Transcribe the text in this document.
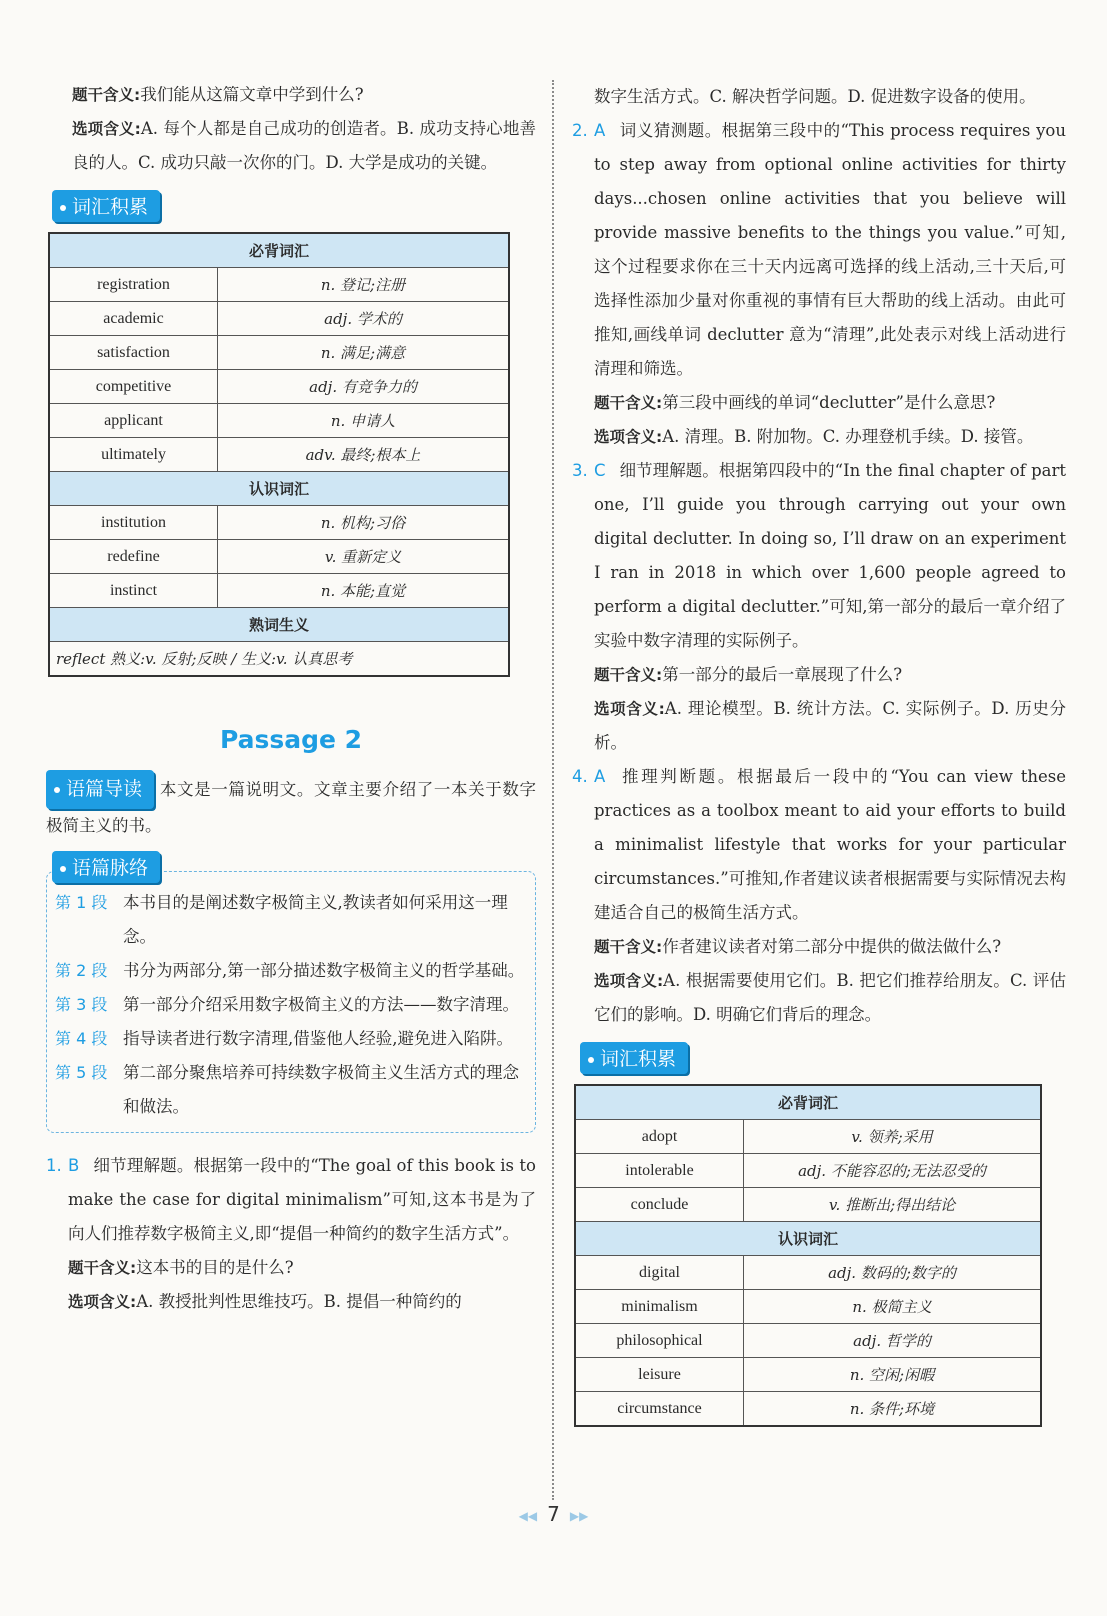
题干含义:我们能从这篇文章中学到什么?

选项含义:A. 每个人都是自己成功的创造者。B. 成功支持心地善良的人。C. 成功只敲一次你的门。D. 大学是成功的关键。

词汇积累
必背词汇	
registration	n. 登记;注册
academic	adj. 学术的
satisfaction	n. 满足;满意
competitive	adj. 有竞争力的
applicant	n. 申请人
ultimately	adv. 最终;根本上
认识词汇	
institution	n. 机构;习俗
redefine	v. 重新定义
instinct	n. 本能;直觉
熟词生义	
reflect 熟义:v. 反射;反映 / 生义:v. 认真思考	
Passage 2

语篇导读 本文是一篇说明文。文章主要介绍了一本关于数字极简主义的书。

语篇脉络
第 1 段 本书目的是阐述数字极简主义,教读者如何采用这一理念。
第 2 段 书分为两部分,第一部分描述数字极简主义的哲学基础。
第 3 段 第一部分介绍采用数字极简主义的方法——数字清理。
第 4 段 指导读者进行数字清理,借鉴他人经验,避免进入陷阱。
第 5 段 第二部分聚焦培养可持续数字极简主义生活方式的理念和做法。

1. B 细节理解题。根据第一段中的“The goal of this book is to make the case for digital minimalism”可知,这本书是为了向人们推荐数字极简主义,即“提倡一种简约的数字生活方式”。

题干含义:这本书的目的是什么?

选项含义:A. 教授批判性思维技巧。B. 提倡一种简约的

数字生活方式。C. 解决哲学问题。D. 促进数字设备的使用。

2. A 词义猜测题。根据第三段中的“This process requires you to step away from optional online activities for thirty days...chosen online activities that you believe will provide massive benefits to the things you value.”可知,这个过程要求你在三十天内远离可选择的线上活动,三十天后,可选择性添加少量对你重视的事情有巨大帮助的线上活动。由此可推知,画线单词 declutter 意为“清理”,此处表示对线上活动进行清理和筛选。

题干含义:第三段中画线的单词“declutter”是什么意思?

选项含义:A. 清理。B. 附加物。C. 办理登机手续。D. 接管。

3. C 细节理解题。根据第四段中的“In the final chapter of part one, I’ll guide you through carrying out your own digital declutter. In doing so, I’ll draw on an experiment I ran in 2018 in which over 1,600 people agreed to perform a digital declutter.”可知,第一部分的最后一章介绍了实验中数字清理的实际例子。

题干含义:第一部分的最后一章展现了什么?

选项含义:A. 理论模型。B. 统计方法。C. 实际例子。D. 历史分析。

4. A 推理判断题。根据最后一段中的“You can view these practices as a toolbox meant to aid your efforts to build a minimalist lifestyle that works for your particular circumstances.”可推知,作者建议读者根据需要与实际情况去构建适合自己的极简生活方式。

题干含义:作者建议读者对第二部分中提供的做法做什么?

选项含义:A. 根据需要使用它们。B. 把它们推荐给朋友。C. 评估它们的影响。D. 明确它们背后的理念。

词汇积累
必背词汇	
adopt	v. 领养;采用
intolerable	adj. 不能容忍的;无法忍受的
conclude	v. 推断出;得出结论
认识词汇	
digital	adj. 数码的;数字的
minimalism	n. 极简主义
philosophical	adj. 哲学的
leisure	n. 空闲;闲暇
circumstance	n. 条件;环境
◀◀ 7 ▶▶
